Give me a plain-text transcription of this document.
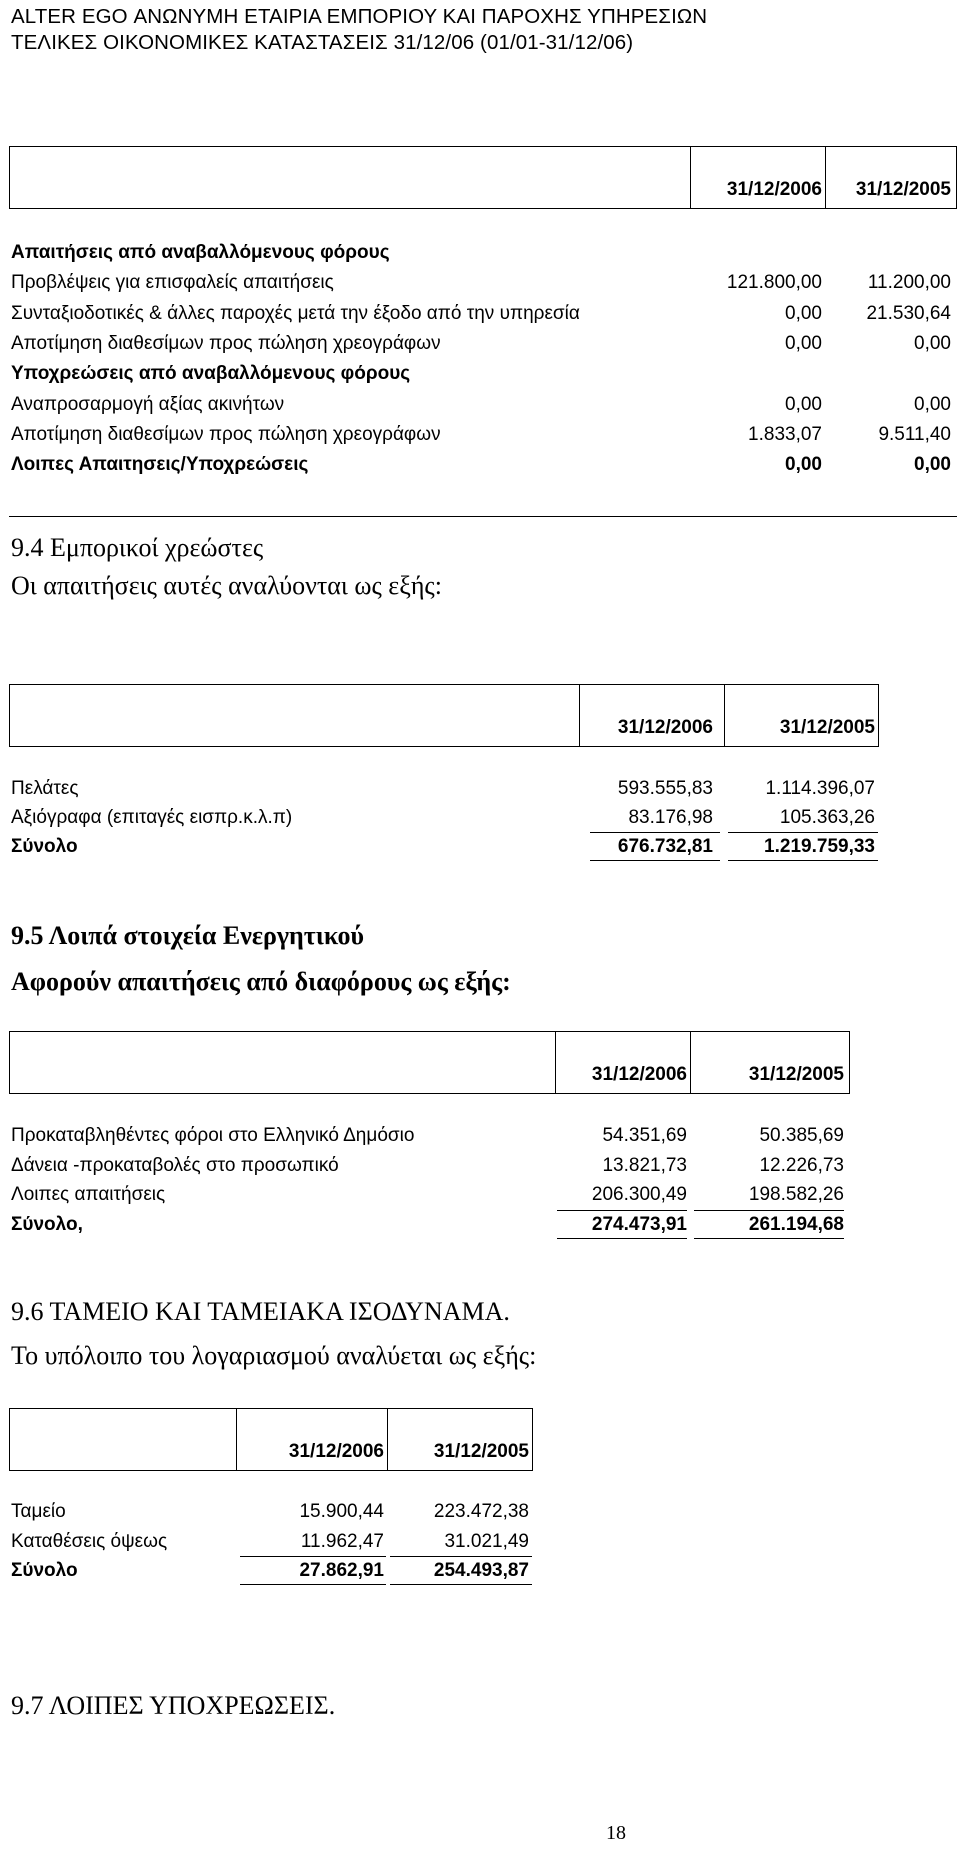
ALTER EGO ΑΝΩΝΥΜΗ ΕΤΑΙΡΙΑ ΕΜΠΟΡΙΟΥ ΚΑΙ ΠΑΡΟΧΗΣ ΥΠΗΡΕΣΙΩΝ
ΤΕΛΙΚΕΣ ΟΙΚΟΝΟΜΙΚΕΣ ΚΑΤΑΣΤΑΣΕΙΣ 31/12/06 (01/01-31/12/06)
31/12/2006	31/12/2005
Απαιτήσεις από αναβαλλόμενους φόρους
Προβλέψεις για επισφαλείς απαιτήσεις	121.800,00	11.200,00
Συνταξιοδοτικές & άλλες παροχές μετά την έξοδο από την υπηρεσία	0,00	21.530,64
Αποτίμηση διαθεσίμων προς πώληση χρεογράφων	0,00	0,00
Υποχρεώσεις από αναβαλλόμενους φόρους
Αναπροσαρμογή αξίας ακινήτων	0,00	0,00
Αποτίμηση διαθεσίμων προς πώληση χρεογράφων	1.833,07	9.511,40
Λοιπες Απαιτησεις/Υποχρεώσεις	0,00	0,00
9.4 Εμπορικοί χρεώστες
Οι απαιτήσεις αυτές αναλύονται ως εξής:
31/12/2006	31/12/2005
Πελάτες	593.555,83	1.114.396,07
Αξιόγραφα (επιταγές εισπρ.κ.λ.π)	83.176,98	105.363,26
Σύνολο	676.732,81	1.219.759,33
9.5 Λοιπά στοιχεία Ενεργητικού
Αφορούν απαιτήσεις από διαφόρους ως εξής:
31/12/2006	31/12/2005
Προκαταβληθέντες φόροι στο Ελληνικό Δημόσιο	54.351,69	50.385,69
Δάνεια -προκαταβολές στο προσωπικό	13.821,73	12.226,73
Λοιπες απαιτήσεις	206.300,49	198.582,26
Σύνολο,	274.473,91	261.194,68
9.6 ΤΑΜΕΙΟ ΚΑΙ ΤΑΜΕΙΑΚΑ ΙΣΟΔΥΝΑΜΑ.
Το υπόλοιπο του λογαριασμού αναλύεται ως εξής:
31/12/2006	31/12/2005
Ταμείο	15.900,44	223.472,38
Καταθέσεις όψεως	11.962,47	31.021,49
Σύνολο	27.862,91	254.493,87
9.7 ΛΟΙΠΕΣ ΥΠΟΧΡΕΩΣΕΙΣ.
18
